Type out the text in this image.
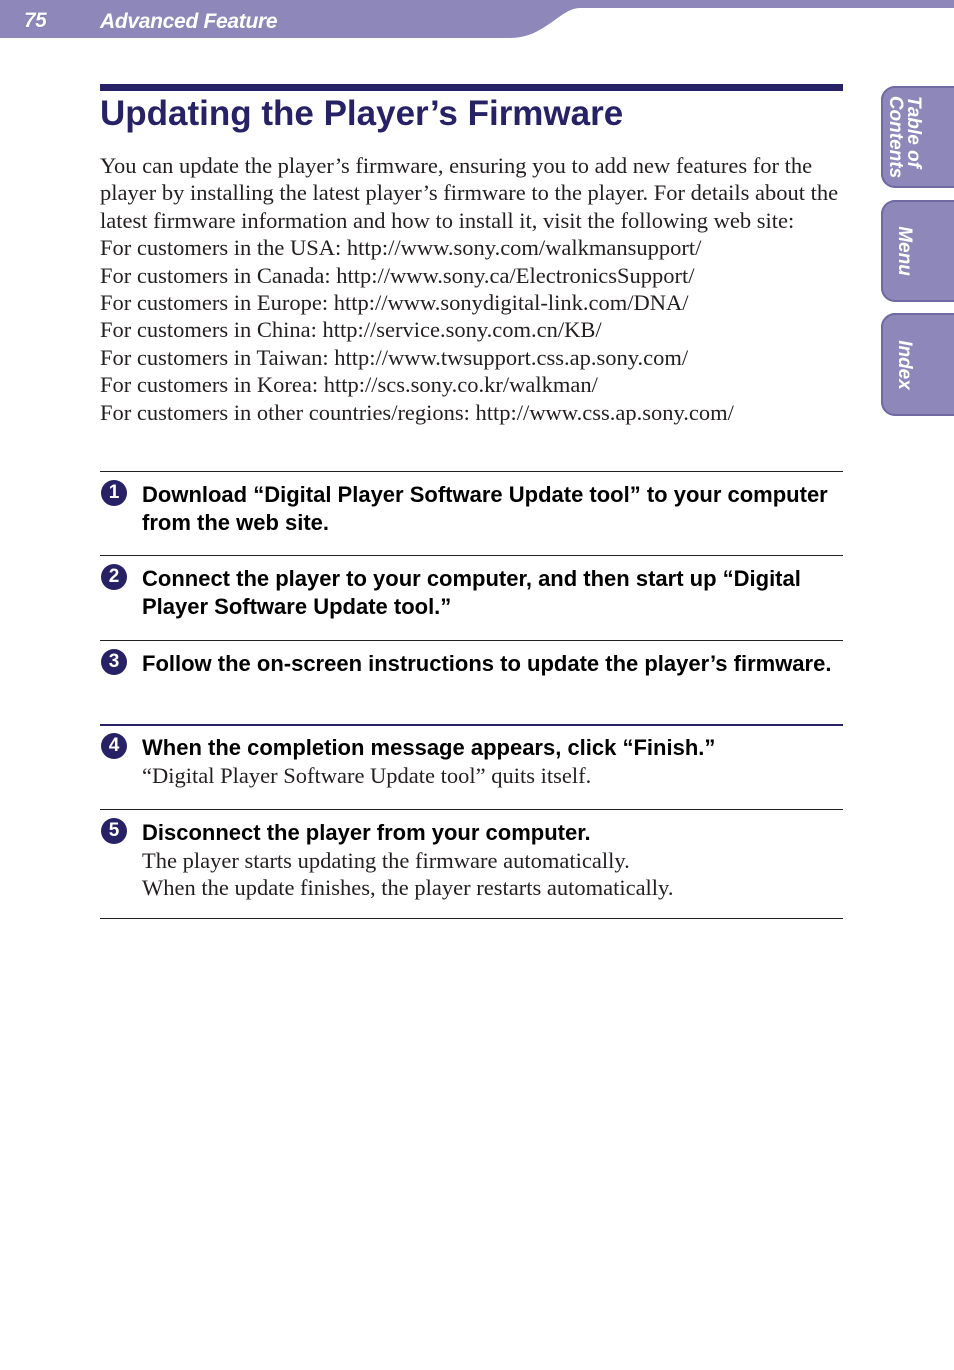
75	Advanced Feature
Table of
Contents
Menu
Index
Updating the Player’s Firmware

You can update the player’s firmware, ensuring you to add new features for the player by installing the latest player’s firmware to the player. For details about the latest firmware information and how to install it, visit the following web site:

For customers in the USA: http://www.sony.com/walkmansupport/

For customers in Canada: http://www.sony.ca/ElectronicsSupport/

For customers in Europe: http://www.sonydigital-link.com/DNA/

For customers in China: http://service.sony.com.cn/KB/

For customers in Taiwan: http://www.twsupport.css.ap.sony.com/

For customers in Korea: http://scs.sony.co.kr/walkman/

For customers in other countries/regions: http://www.css.ap.sony.com/

1	Download “Digital Player Software Update tool” to your computer from the web site.

2	Connect the player to your computer, and then start up “Digital Player Software Update tool.”

3	Follow the on-screen instructions to update the player’s firmware.

4	When the completion message appears, click “Finish.”

“Digital Player Software Update tool” quits itself.

5	Disconnect the player from your computer.

The player starts updating the firmware automatically.

When the update finishes, the player restarts automatically.
